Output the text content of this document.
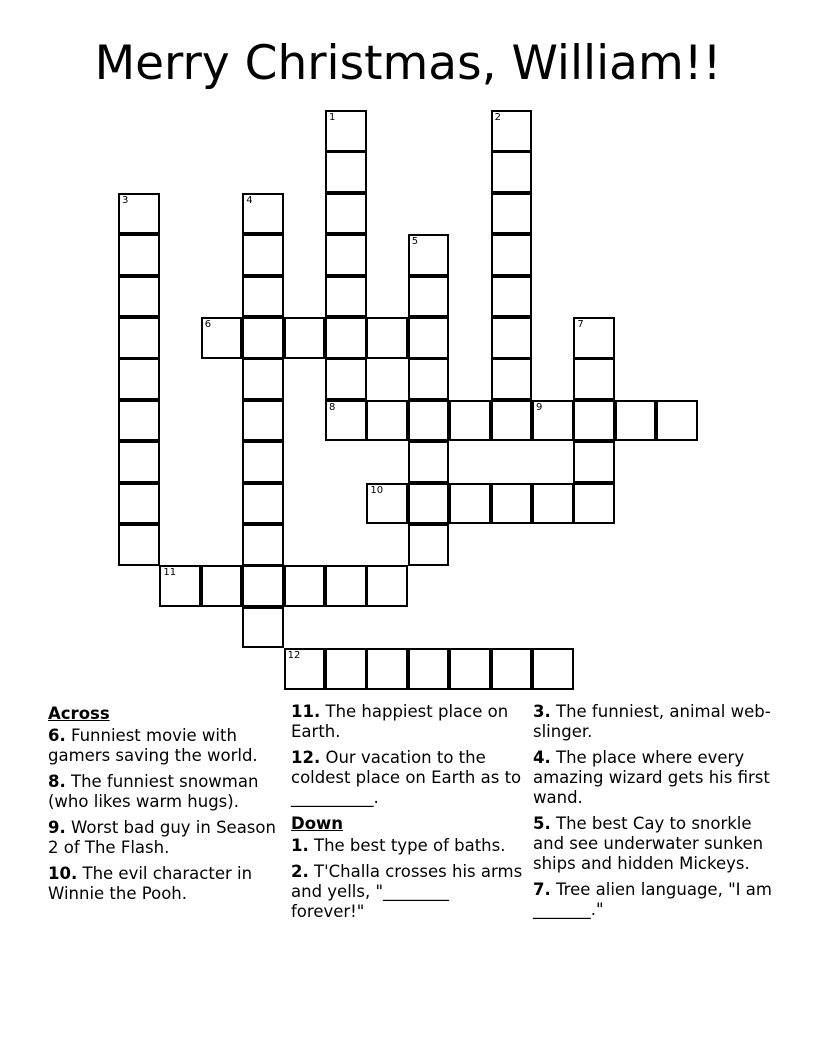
Merry Christmas, William!!
1
8
2
3	4
5
6	7
9
10
11
12
Across
6. Funniest movie with gamers saving the world.
8. The funniest snowman (who likes warm hugs).
9. Worst bad guy in Season 2 of The Flash.
10. The evil character in Winnie the Pooh.
11. The happiest place on Earth.
12. Our vacation to the coldest place on Earth as to __________.
Down
1. The best type of baths.
2. T'Challa crosses his arms and yells, "________ forever!"
3. The funniest, animal web-slinger.
4. The place where every amazing wizard gets his first wand.
5. The best Cay to snorkle and see underwater sunken ships and hidden Mickeys.
7. Tree alien language, "I am _______."
